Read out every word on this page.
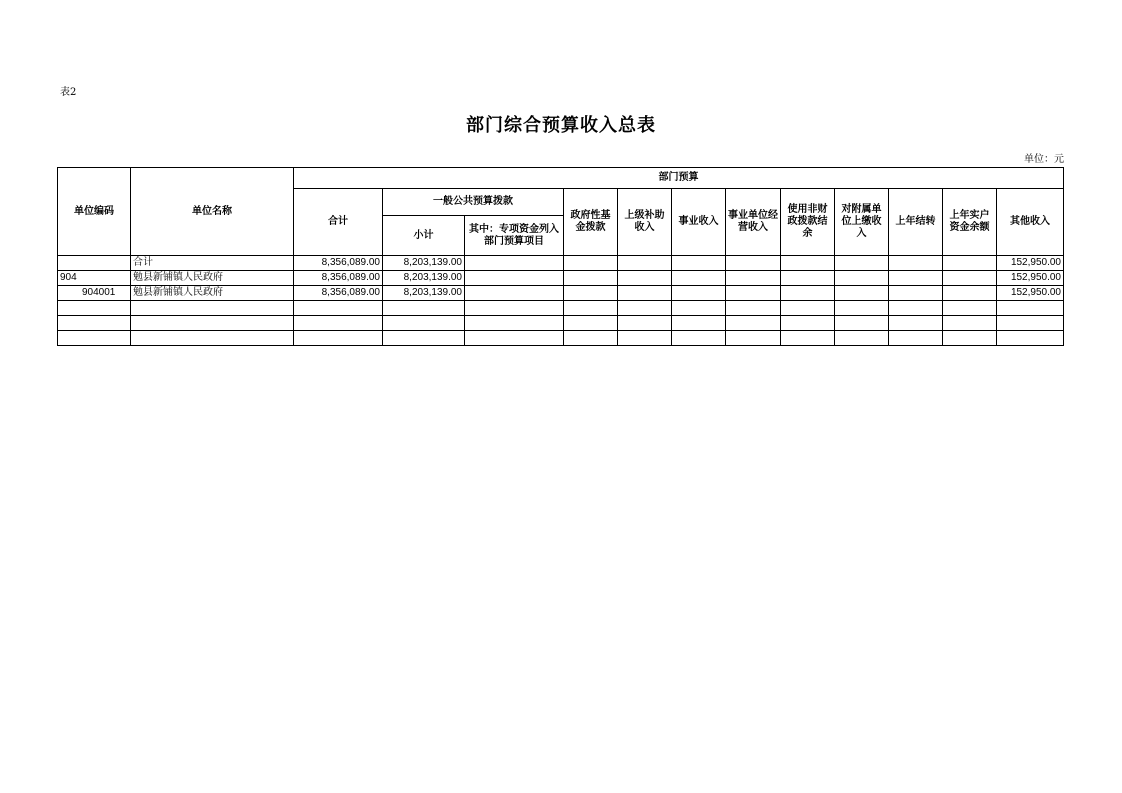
表2
部门综合预算收入总表
单位：元
单位编码	单位名称	部门预算											
		合计	一般公共预算拨款		政府性基金拨款	上级补助收入	事业收入	事业单位经营收入	使用非财政拨款结余	对附属单位上缴收入	上年结转	上年实户资金余额	其他收入
			小计	其中：专项资金列入部门预算项目									
	合计	8,356,089.00	8,203,139.00										152,950.00
904	勉县新铺镇人民政府	8,356,089.00	8,203,139.00										152,950.00
904001	勉县新铺镇人民政府	8,356,089.00	8,203,139.00										152,950.00
